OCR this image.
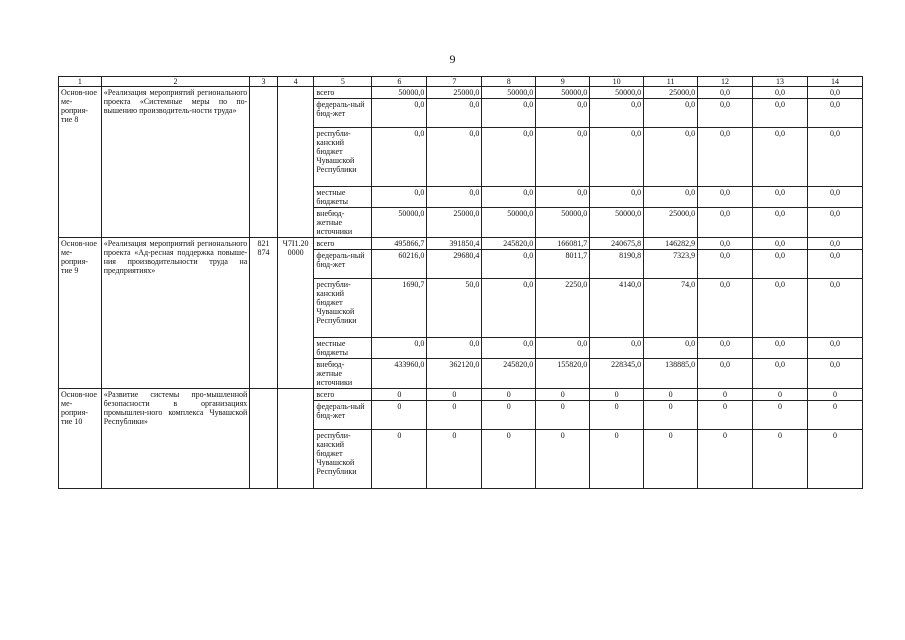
9
1	2	3	4	5	6	7	8	9	10	11	12	13	14
Основ-ное ме-роприя-тие 8	«Реализация мероприятий регионального проекта «Системные меры по по-вышению производитель-ности труда»			всего	50000,0	25000,0	50000,0	50000,0	50000,0	25000,0	0,0	0,0	0,0
				федераль-ный бюд-жет	0,0	0,0	0,0	0,0	0,0	0,0	0,0	0,0	0,0
				республи-канский бюджет Чувашской Республики	0,0	0,0	0,0	0,0	0,0	0,0	0,0	0,0	0,0
				местные бюджеты	0,0	0,0	0,0	0,0	0,0	0,0	0,0	0,0	0,0
				внебюд-жетные источники	50000,0	25000,0	50000,0	50000,0	50000,0	25000,0	0,0	0,0	0,0
Основ-ное ме-роприя-тие 9	«Реализация мероприятий регионального проекта «Ад-ресная поддержка повыше-ния производительности труда на предприятиях»	821 874	Ч7I1.20 0000	всего	495866,7	391850,4	245820,0	166081,7	240675,8	146282,9	0,0	0,0	0,0
				федераль-ный бюд-жет	60216,0	29680,4	0,0	8011,7	8190,8	7323,9	0,0	0,0	0,0
				республи-канский бюджет Чувашской Республики	1690,7	50,0	0,0	2250,0	4140,0	74,0	0,0	0,0	0,0
				местные бюджеты	0,0	0,0	0,0	0,0	0,0	0,0	0,0	0,0	0,0
				внебюд-жетные источники	433960,0	362120,0	245820,0	155820,0	228345,0	138885,0	0,0	0,0	0,0
Основ-ное ме-роприя-тие 10	«Развитие системы про-мышленной безопасности в организациях промышлен-ного комплекса Чувашской Республики»			всего	0	0	0	0	0	0	0	0	0
				федераль-ный бюд-жет	0	0	0	0	0	0	0	0	0
				республи-канский бюджет Чувашской Республики	0	0	0	0	0	0	0	0	0
